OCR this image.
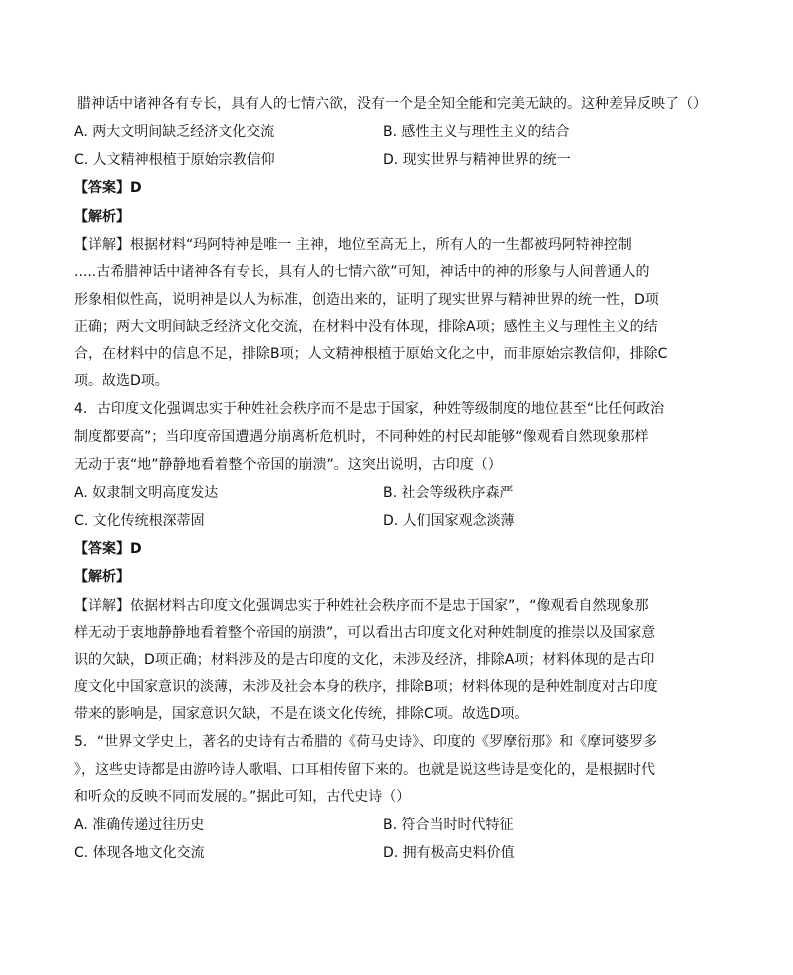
腊神话中诸神各有专长，具有人的七情六欲，没有一个是全知全能和完美无缺的。这种差异反映了（）
A. 两大文明间缺乏经济文化交流	B. 感性主义与理性主义的结合
C. 人文精神根植于原始宗教信仰	D. 现实世界与精神世界的统一
【答案】D
【解析】
【详解】根据材料“玛阿特神是唯一 主神，地位至高无上，所有人的一生都被玛阿特神控制
.....古希腊神话中诸神各有专长，具有人的七情六欲”可知，神话中的神的形象与人间普通人的
形象相似性高，说明神是以人为标准，创造出来的，证明了现实世界与精神世界的统一性，D项
正确；两大文明间缺乏经济文化交流，在材料中没有体现，排除A项；感性主义与理性主义的结
合，在材料中的信息不足，排除B项；人文精神根植于原始文化之中，而非原始宗教信仰，排除C
项。故选D项。
4．古印度文化强调忠实于种姓社会秩序而不是忠于国家，种姓等级制度的地位甚至“比任何政治
制度都要高”；当印度帝国遭遇分崩离析危机时，不同种姓的村民却能够“像观看自然现象那样
无动于衷“地”静静地看着整个帝国的崩溃”。这突出说明，古印度（）
A. 奴隶制文明高度发达	B. 社会等级秩序森严
C. 文化传统根深蒂固	D. 人们国家观念淡薄
【答案】D
【解析】
【详解】依据材料古印度文化强调忠实于种姓社会秩序而不是忠于国家”，“像观看自然现象那
样无动于衷地静静地看着整个帝国的崩溃”，可以看出古印度文化对种姓制度的推崇以及国家意
识的欠缺，D项正确；材料涉及的是古印度的文化，未涉及经济，排除A项；材料体现的是古印
度文化中国家意识的淡薄，未涉及社会本身的秩序，排除B项；材料体现的是种姓制度对古印度
带来的影响是，国家意识欠缺，不是在谈文化传统，排除C项。故选D项。
5．“世界文学史上，著名的史诗有古希腊的《荷马史诗》、印度的《罗摩衍那》和《摩诃婆罗多
》，这些史诗都是由游吟诗人歌唱、口耳相传留下来的。也就是说这些诗是变化的，是根据时代
和听众的反映不同而发展的。”据此可知，古代史诗（）
A. 准确传递过往历史	B. 符合当时时代特征
C. 体现各地文化交流	D. 拥有极高史料价值
